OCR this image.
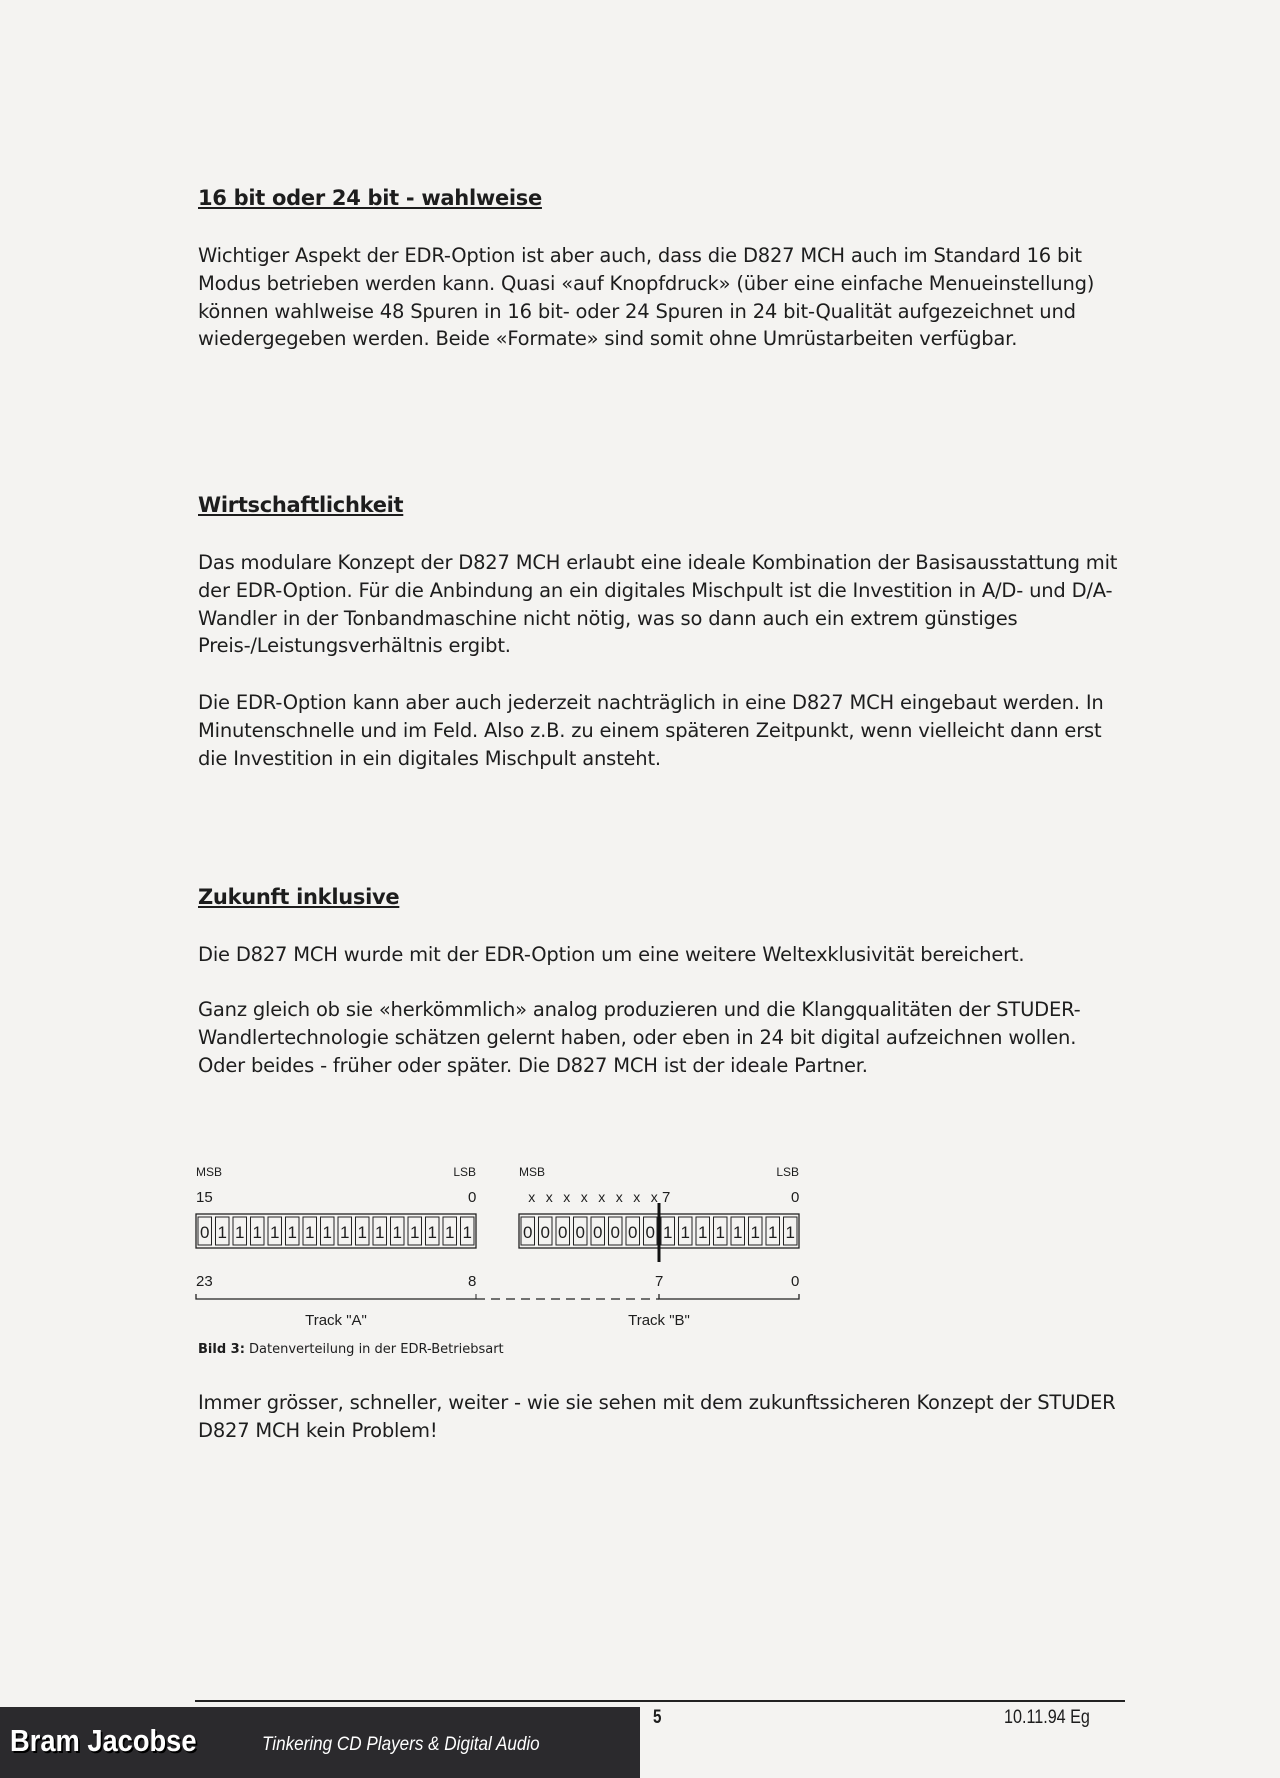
16 bit oder 24 bit - wahlweise
Wichtiger Aspekt der EDR-Option ist aber auch, dass die D827 MCH auch im Standard 16 bit Modus betrieben werden kann. Quasi «auf Knopfdruck» (über eine einfache Menueinstellung) können wahlweise 48 Spuren in 16 bit- oder 24 Spuren in 24 bit-Qualität aufgezeichnet und wiedergegeben werden. Beide «Formate» sind somit ohne Umrüstarbeiten verfügbar.
Wirtschaftlichkeit
Das modulare Konzept der D827 MCH erlaubt eine ideale Kombination der Basisausstattung mit der EDR-Option. Für die Anbindung an ein digitales Mischpult ist die Investition in A/D- und D/A-Wandler in der Tonbandmaschine nicht nötig, was so dann auch ein extrem günstiges Preis-/Leistungsverhältnis ergibt.
Die EDR-Option kann aber auch jederzeit nachträglich in eine D827 MCH eingebaut werden. In Minutenschnelle und im Feld. Also z.B. zu einem späteren Zeitpunkt, wenn vielleicht dann erst die Investition in ein digitales Mischpult ansteht.
Zukunft inklusive
Die D827 MCH wurde mit der EDR-Option um eine weitere Weltexklusivität bereichert.
Ganz gleich ob sie «herkömmlich» analog produzieren und die Klangqualitäten der STUDER-Wandlertechnologie schätzen gelernt haben, oder eben in 24 bit digital aufzeichnen wollen. Oder beides - früher oder später. Die D827 MCH ist der ideale Partner.
MSB	LSB	MSB	LSB
15	0	x x x x x x x x 7	0
0 1 1 1 1 1 1 1 1 1 1 1 1 1 1 1	0 0 0 0 0 0 0 0 1 1 1 1 1 1 1 1
23	8	7	0
Track "A"	Track "B"
Bild 3: Datenverteilung in der EDR-Betriebsart
Immer grösser, schneller, weiter - wie sie sehen mit dem zukunftssicheren Konzept der STUDER D827 MCH kein Problem!
Bram Jacobse	Tinkering CD Players & Digital Audio
5	10.11.94 Eg
